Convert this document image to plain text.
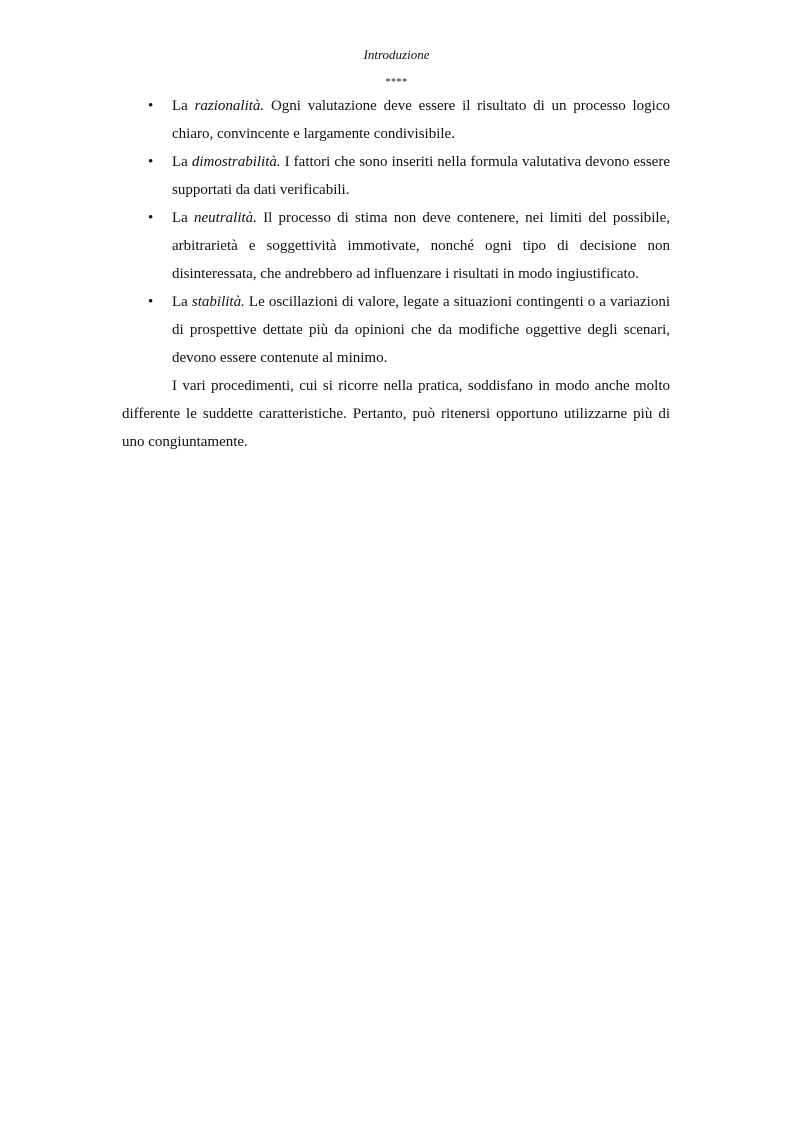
Introduzione
****
• La razionalità. Ogni valutazione deve essere il risultato di un processo logico chiaro, convincente e largamente condivisibile.
• La dimostrabilità. I fattori che sono inseriti nella formula valutativa devono essere supportati da dati verificabili.
• La neutralità. Il processo di stima non deve contenere, nei limiti del possibile, arbitrarietà e soggettività immotivate, nonché ogni tipo di decisione non disinteressata, che andrebbero ad influenzare i risultati in modo ingiustificato.
• La stabilità. Le oscillazioni di valore, legate a situazioni contingenti o a variazioni di prospettive dettate più da opinioni che da modifiche oggettive degli scenari, devono essere contenute al minimo.

I vari procedimenti, cui si ricorre nella pratica, soddisfano in modo anche molto differente le suddette caratteristiche. Pertanto, può ritenersi opportuno utilizzarne più di uno congiuntamente.
